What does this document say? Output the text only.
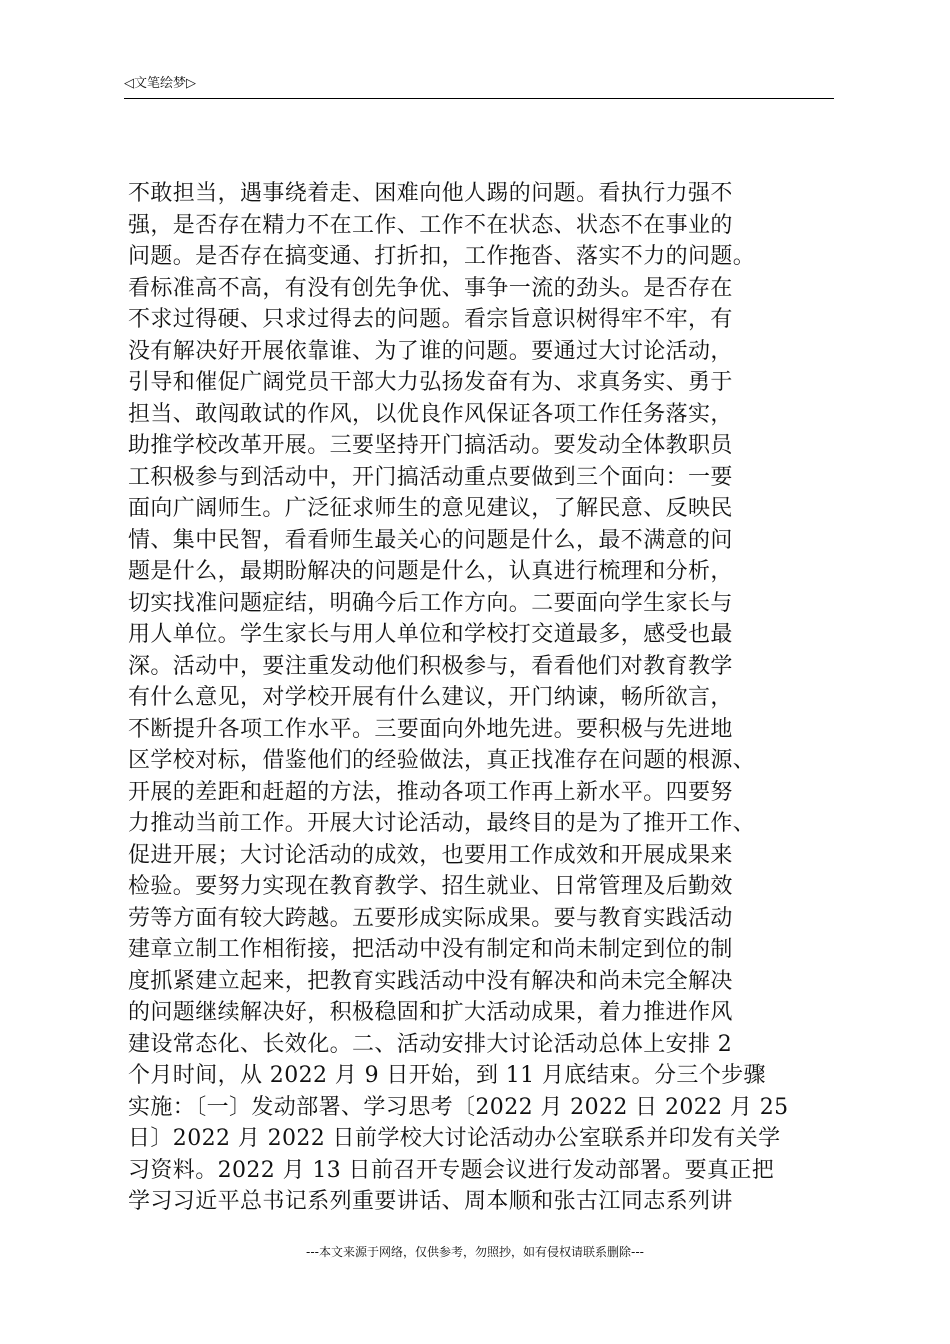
◁文笔绘梦▷
不敢担当，遇事绕着走、困难向他人踢的问题。看执行力强不
强，是否存在精力不在工作、工作不在状态、状态不在事业的
问题。是否存在搞变通、打折扣，工作拖沓、落实不力的问题。
看标准高不高，有没有创先争优、事争一流的劲头。是否存在
不求过得硬、只求过得去的问题。看宗旨意识树得牢不牢，有
没有解决好开展依靠谁、为了谁的问题。要通过大讨论活动，
引导和催促广阔党员干部大力弘扬发奋有为、求真务实、勇于
担当、敢闯敢试的作风，以优良作风保证各项工作任务落实，
助推学校改革开展。三要坚持开门搞活动。要发动全体教职员
工积极参与到活动中，开门搞活动重点要做到三个面向：一要
面向广阔师生。广泛征求师生的意见建议，了解民意、反映民
情、集中民智，看看师生最关心的问题是什么，最不满意的问
题是什么，最期盼解决的问题是什么，认真进行梳理和分析，
切实找准问题症结，明确今后工作方向。二要面向学生家长与
用人单位。学生家长与用人单位和学校打交道最多，感受也最
深。活动中，要注重发动他们积极参与，看看他们对教育教学
有什么意见，对学校开展有什么建议，开门纳谏，畅所欲言，
不断提升各项工作水平。三要面向外地先进。要积极与先进地
区学校对标，借鉴他们的经验做法，真正找准存在问题的根源、
开展的差距和赶超的方法，推动各项工作再上新水平。四要努
力推动当前工作。开展大讨论活动，最终目的是为了推开工作、
促进开展；大讨论活动的成效，也要用工作成效和开展成果来
检验。要努力实现在教育教学、招生就业、日常管理及后勤效
劳等方面有较大跨越。五要形成实际成果。要与教育实践活动
建章立制工作相衔接，把活动中没有制定和尚未制定到位的制
度抓紧建立起来，把教育实践活动中没有解决和尚未完全解决
的问题继续解决好，积极稳固和扩大活动成果，着力推进作风
建设常态化、长效化。二、活动安排大讨论活动总体上安排 2
个月时间，从 2022 月 9 日开始，到 11 月底结束。分三个步骤
实施：〔一〕发动部署、学习思考〔2022 月 2022 日 2022 月 25
日〕2022 月 2022 日前学校大讨论活动办公室联系并印发有关学
习资料。2022 月 13 日前召开专题会议进行发动部署。要真正把
学习习近平总书记系列重要讲话、周本顺和张古江同志系列讲
---本文来源于网络，仅供参考，勿照抄，如有侵权请联系删除---
